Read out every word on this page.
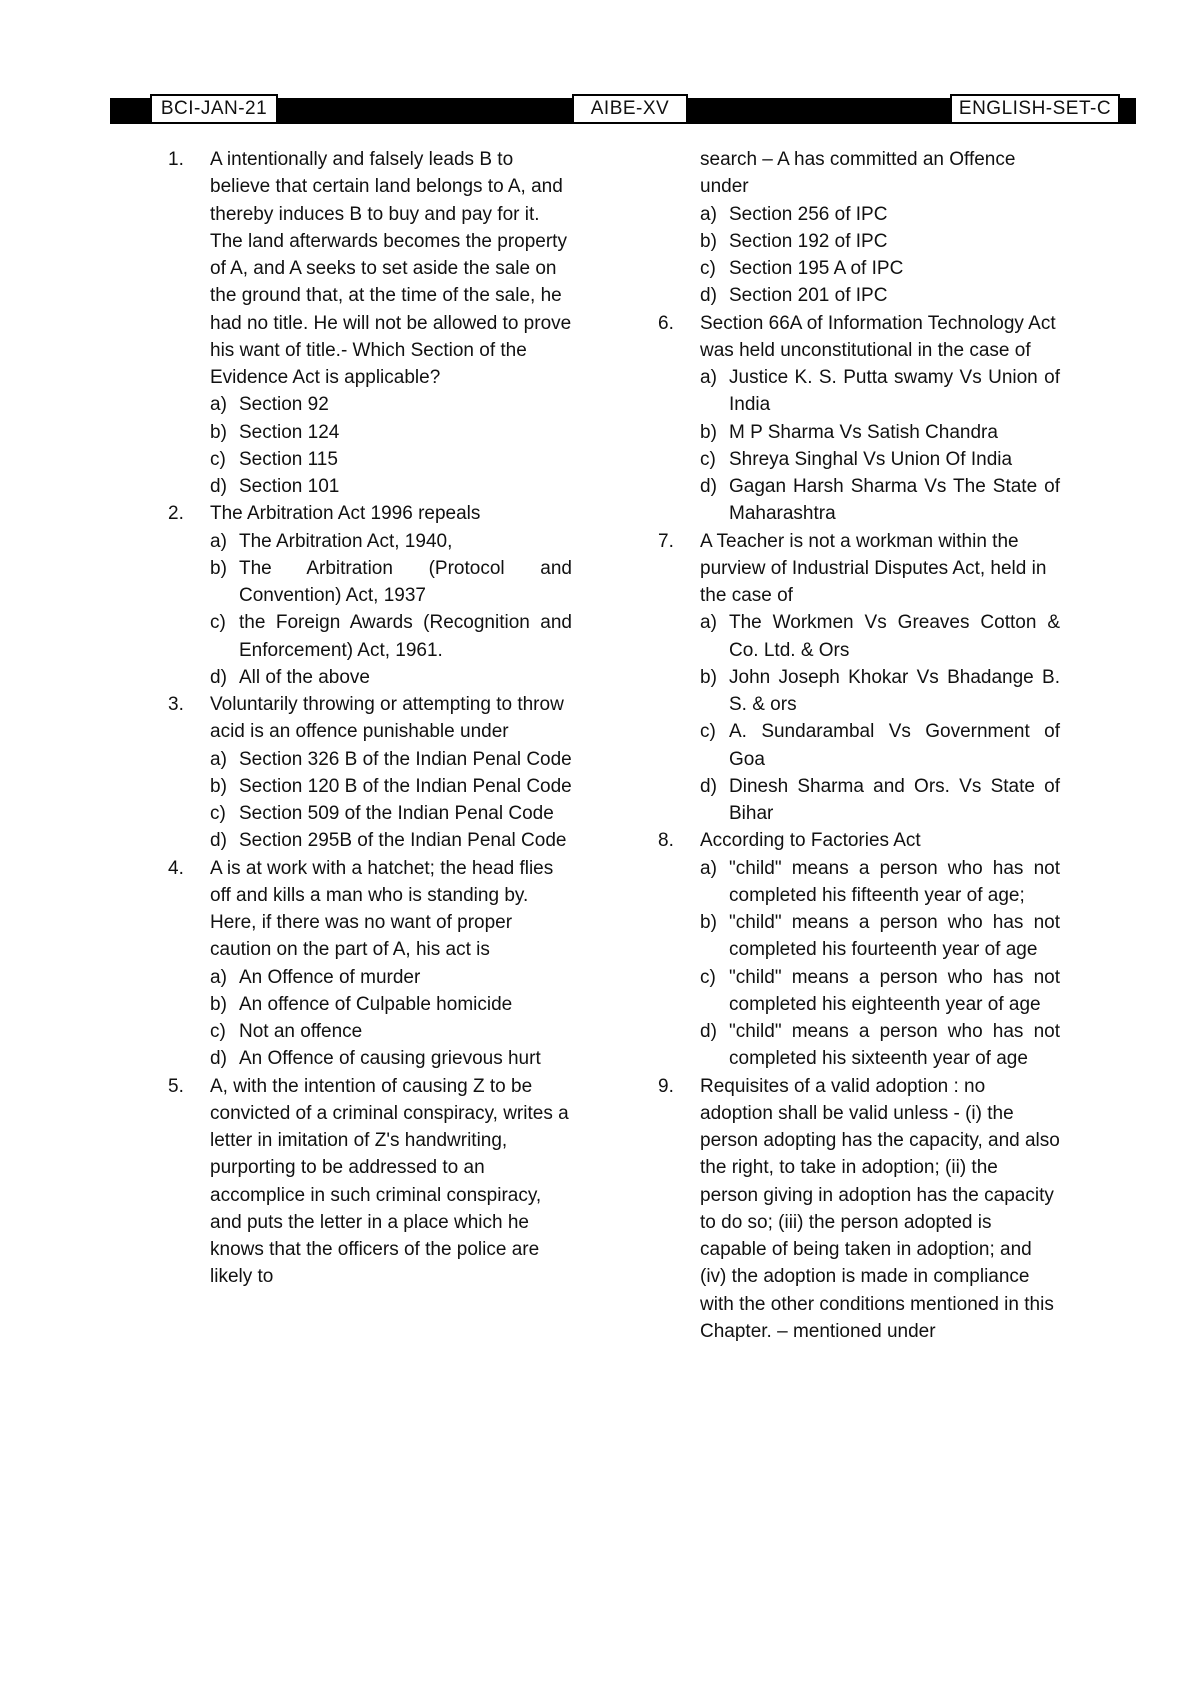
BCI-JAN-21	AIBE-XV	ENGLISH-SET-C
1. A intentionally and falsely leads B to believe that certain land belongs to A, and thereby induces B to buy and pay for it. The land afterwards becomes the property of A, and A seeks to set aside the sale on the ground that, at the time of the sale, he had no title. He will not be allowed to prove his want of title.- Which Section of the Evidence Act is applicable?
a) Section 92
b) Section 124
c) Section 115
d) Section 101
2. The Arbitration Act 1996 repeals
a) The Arbitration Act, 1940,
b) The Arbitration (Protocol and Convention) Act, 1937
c) the Foreign Awards (Recognition and Enforcement) Act, 1961.
d) All of the above
3. Voluntarily throwing or attempting to throw acid is an offence punishable under
a) Section 326 B of the Indian Penal Code
b) Section 120 B of the Indian Penal Code
c) Section 509 of the Indian Penal Code
d) Section 295B of the Indian Penal Code
4. A is at work with a hatchet; the head flies off and kills a man who is standing by. Here, if there was no want of proper caution on the part of A, his act is
a) An Offence of murder
b) An offence of Culpable homicide
c) Not an offence
d) An Offence of causing grievous hurt
5. A, with the intention of causing Z to be convicted of a criminal conspiracy, writes a letter in imitation of Z's handwriting, purporting to be addressed to an accomplice in such criminal conspiracy, and puts the letter in a place which he knows that the officers of the police are likely to
search – A has committed an Offence under
a) Section 256 of IPC
b) Section 192 of IPC
c) Section 195 A of IPC
d) Section 201 of IPC
6. Section 66A of Information Technology Act was held unconstitutional in the case of
a) Justice K. S. Putta swamy Vs Union of India
b) M P Sharma Vs Satish Chandra
c) Shreya Singhal Vs Union Of India
d) Gagan Harsh Sharma Vs The State of Maharashtra
7. A Teacher is not a workman within the purview of Industrial Disputes Act, held in the case of
a) The Workmen Vs Greaves Cotton & Co. Ltd. & Ors
b) John Joseph Khokar Vs Bhadange B. S. & ors
c) A. Sundarambal Vs Government of Goa
d) Dinesh Sharma and Ors. Vs State of Bihar
8. According to Factories Act
a) "child" means a person who has not completed his fifteenth year of age;
b) "child" means a person who has not completed his fourteenth year of age
c) "child" means a person who has not completed his eighteenth year of age
d) "child" means a person who has not completed his sixteenth year of age
9. Requisites of a valid adoption : no adoption shall be valid unless - (i) the person adopting has the capacity, and also the right, to take in adoption; (ii) the person giving in adoption has the capacity to do so; (iii) the person adopted is capable of being taken in adoption; and (iv) the adoption is made in compliance with the other conditions mentioned in this Chapter. – mentioned under
